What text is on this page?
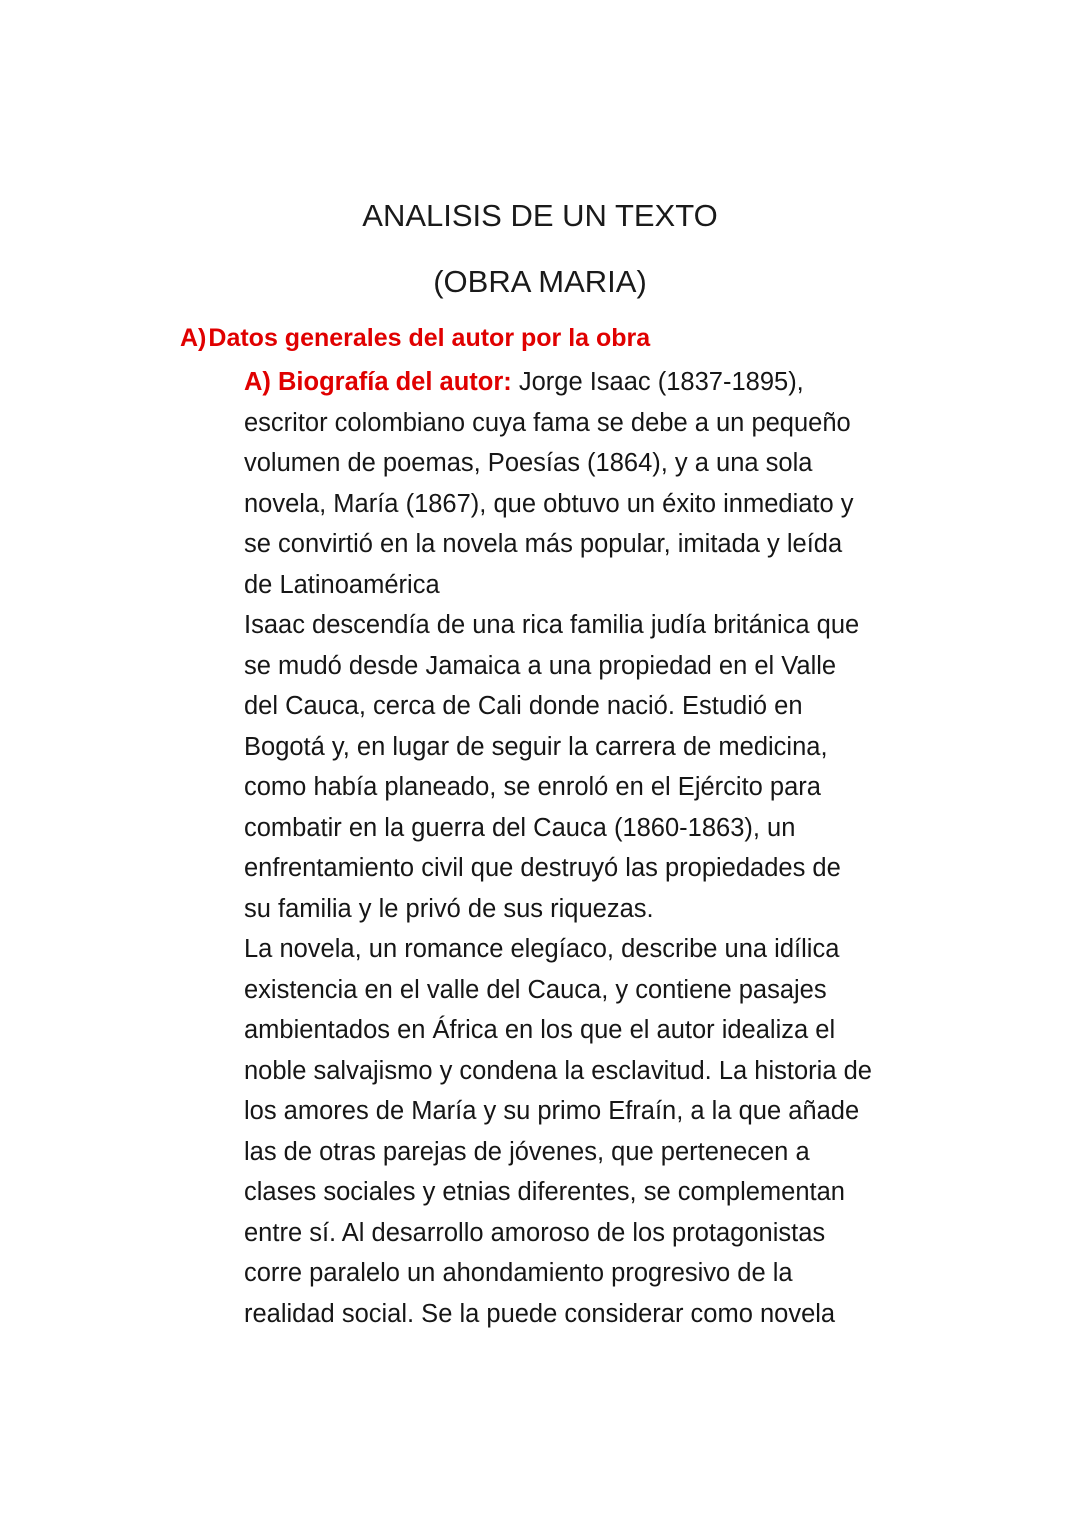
ANALISIS DE UN TEXTO
(OBRA MARIA)
A)Datos generales del autor por la obra
A) Biografía del autor: Jorge Isaac (1837-1895),
escritor colombiano cuya fama se debe a un pequeño
volumen de poemas, Poesías (1864), y a una sola
novela, María (1867), que obtuvo un éxito inmediato y
se convirtió en la novela más popular, imitada y leída
de Latinoamérica
Isaac descendía de una rica familia judía británica que
se mudó desde Jamaica a una propiedad en el Valle
del Cauca, cerca de Cali donde nació. Estudió en
Bogotá y, en lugar de seguir la carrera de medicina,
como había planeado, se enroló en el Ejército para
combatir en la guerra del Cauca (1860-1863), un
enfrentamiento civil que destruyó las propiedades de
su familia y le privó de sus riquezas.
La novela, un romance elegíaco, describe una idílica
existencia en el valle del Cauca, y contiene pasajes
ambientados en África en los que el autor idealiza el
noble salvajismo y condena la esclavitud. La historia de
los amores de María y su primo Efraín, a la que añade
las de otras parejas de jóvenes, que pertenecen a
clases sociales y etnias diferentes, se complementan
entre sí. Al desarrollo amoroso de los protagonistas
corre paralelo un ahondamiento progresivo de la
realidad social. Se la puede considerar como novela
